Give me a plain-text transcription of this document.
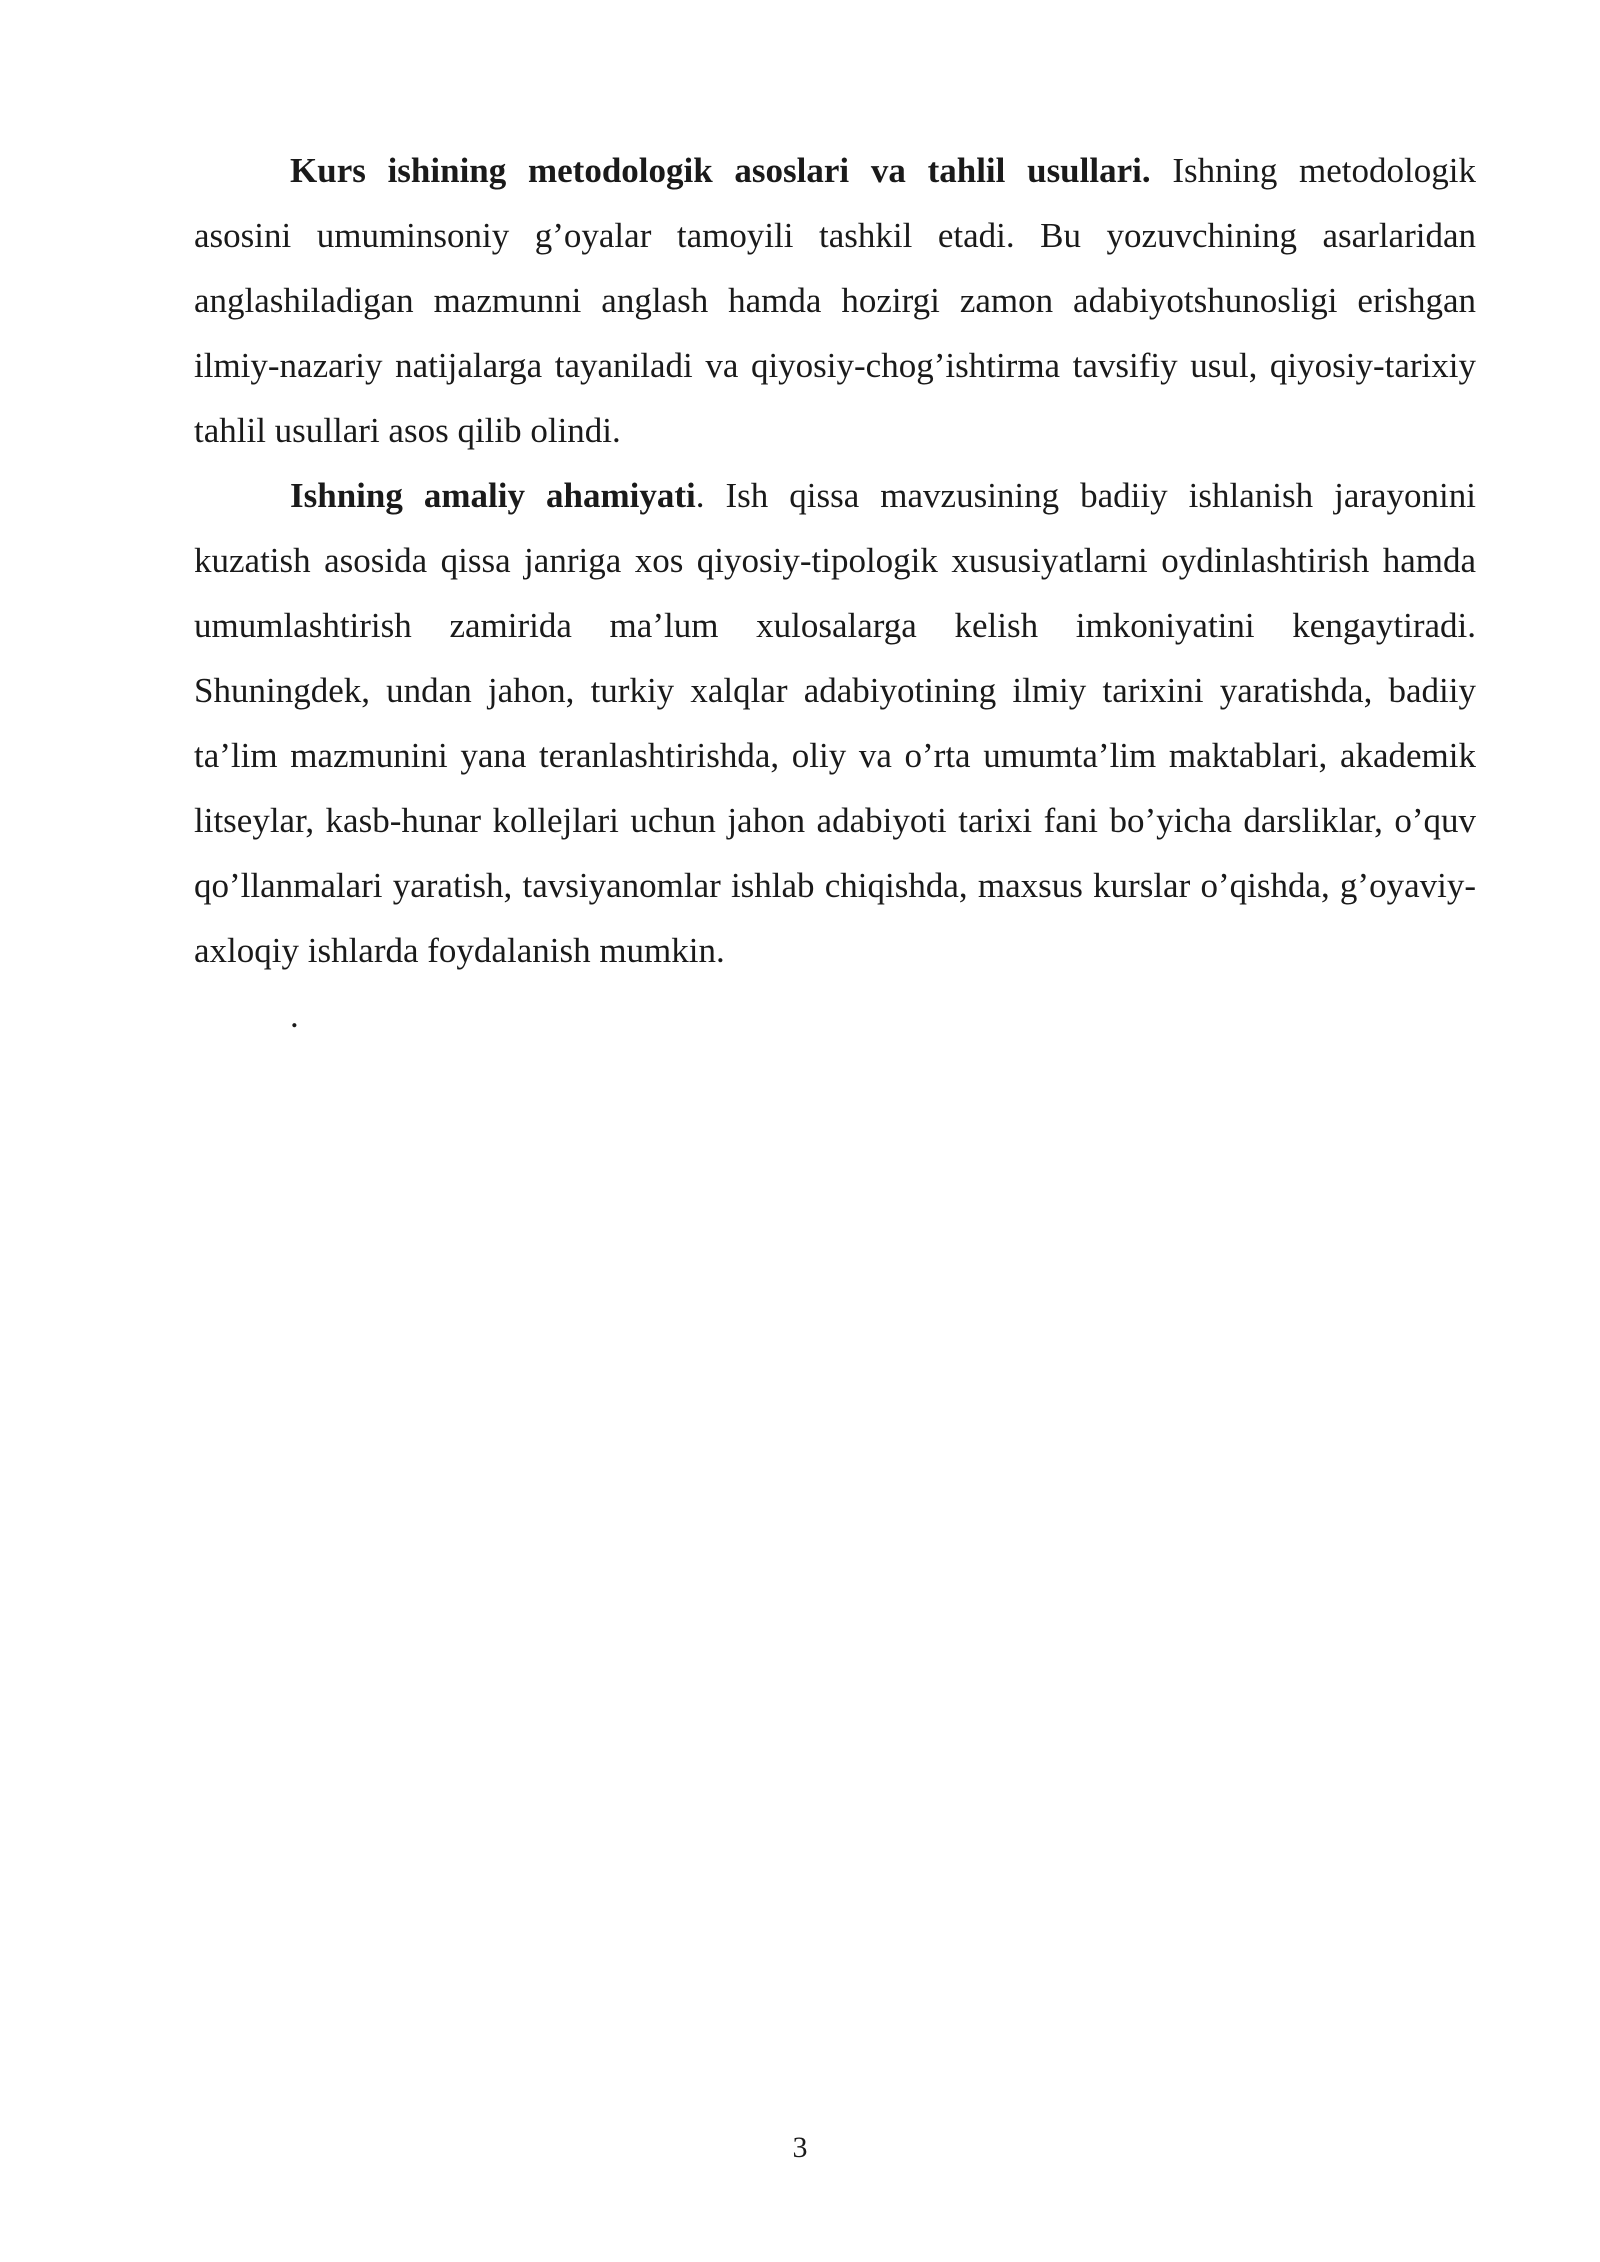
Kurs ishining metodologik asoslari va tahlil usullari. Ishning metodologik asosini umuminsoniy g’oyalar tamoyili tashkil etadi. Bu yozuvchining asarlaridan anglashiladigan mazmunni anglash hamda hozirgi zamon adabiyotshunosligi erishgan ilmiy-nazariy natijalarga tayaniladi va qiyosiy-chog’ishtirma tavsifiy usul, qiyosiy-tarixiy tahlil usullari asos qilib olindi.

Ishning amaliy ahamiyati. Ish qissa mavzusining badiiy ishlanish jarayonini kuzatish asosida qissa janriga xos qiyosiy-tipologik xususiyatlarni oydinlashtirish hamda umumlashtirish zamirida ma’lum xulosalarga kelish imkoniyatini kengaytiradi. Shuningdek, undan jahon, turkiy xalqlar adabiyotining ilmiy tarixini yaratishda, badiiy ta’lim mazmunini yana teranlashtirishda, oliy va o’rta umumta’lim maktablari, akademik litseylar, kasb-hunar kollejlari uchun jahon adabiyoti tarixi fani bo’yicha darsliklar, o’quv qo’llanmalari yaratish, tavsiyanomlar ishlab chiqishda, maxsus kurslar o’qishda, g’oyaviy-axloqiy ishlarda foydalanish mumkin.

.

3
